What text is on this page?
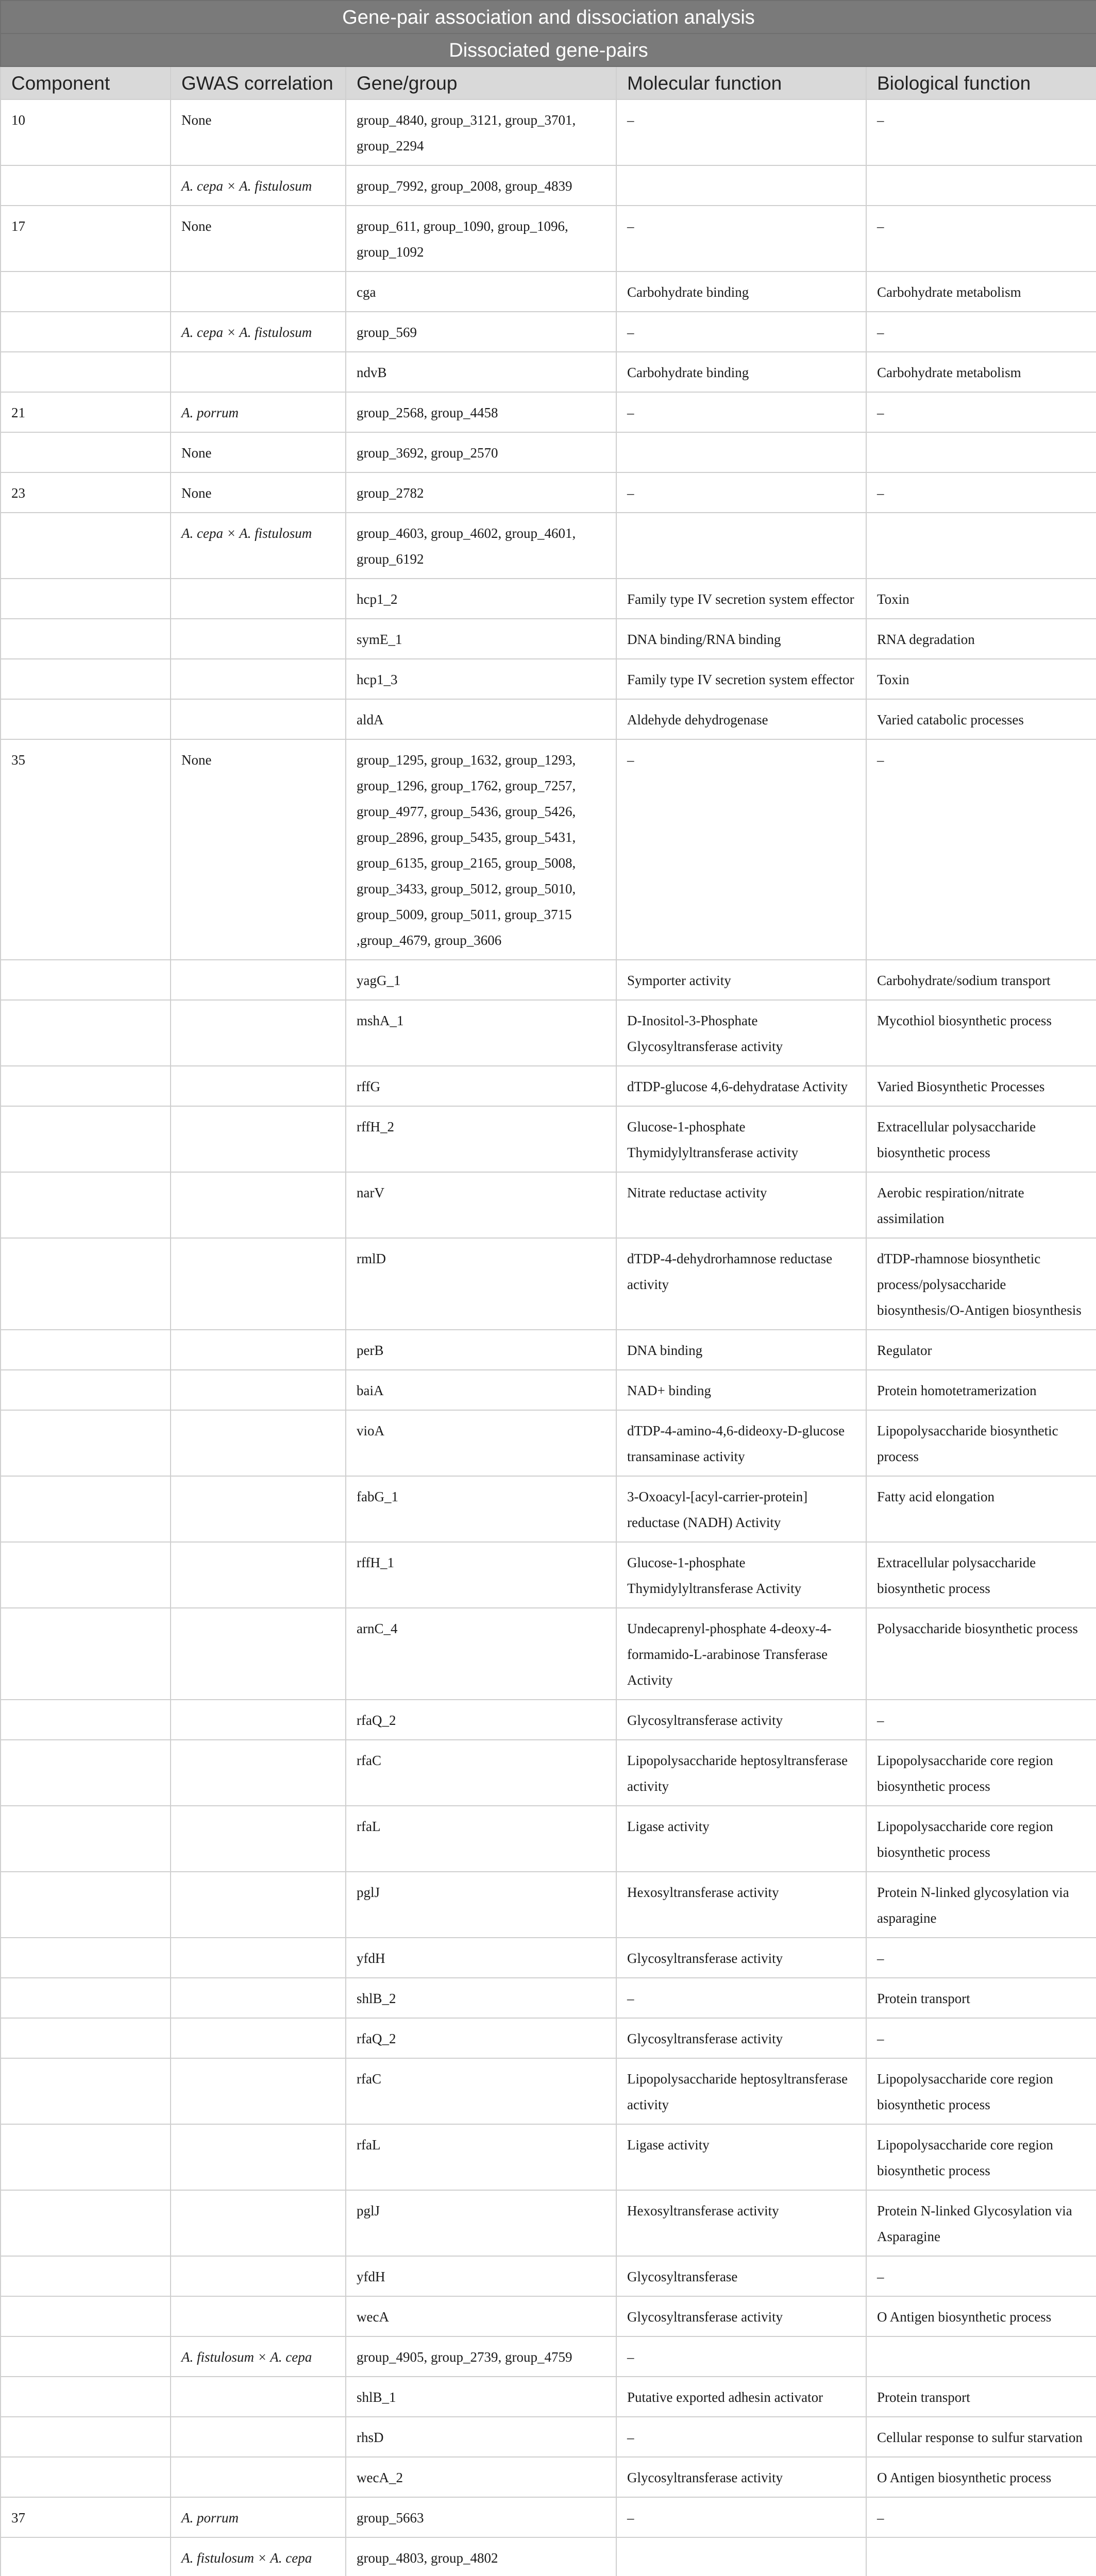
Gene-pair association and dissociation analysis				
Dissociated gene-pairs				
Component	GWAS correlation	Gene/group	Molecular function	Biological function
10	None	group_4840, group_3121, group_3701, group_2294	–	–
	A. cepa × A. fistulosum	group_7992, group_2008, group_4839		
17	None	group_611, group_1090, group_1096, group_1092	–	–
		cga	Carbohydrate binding	Carbohydrate metabolism
	A. cepa × A. fistulosum	group_569	–	–
		ndvB	Carbohydrate binding	Carbohydrate metabolism
21	A. porrum	group_2568, group_4458	–	–
	None	group_3692, group_2570		
23	None	group_2782	–	–
	A. cepa × A. fistulosum	group_4603, group_4602, group_4601, group_6192		
		hcp1_2	Family type IV secretion system effector	Toxin
		symE_1	DNA binding/RNA binding	RNA degradation
		hcp1_3	Family type IV secretion system effector	Toxin
		aldA	Aldehyde dehydrogenase	Varied catabolic processes
35	None	group_1295, group_1632, group_1293, group_1296, group_1762, group_7257, group_4977, group_5436, group_5426, group_2896, group_5435, group_5431, group_6135, group_2165, group_5008, group_3433, group_5012, group_5010, group_5009, group_5011, group_3715 ,group_4679, group_3606	–	–
		yagG_1	Symporter activity	Carbohydrate/sodium transport
		mshA_1	D-Inositol-3-Phosphate Glycosyltransferase activity	Mycothiol biosynthetic process
		rffG	dTDP-glucose 4,6-dehydratase Activity	Varied Biosynthetic Processes
		rffH_2	Glucose-1-phosphate Thymidylyltransferase activity	Extracellular polysaccharide biosynthetic process
		narV	Nitrate reductase activity	Aerobic respiration/nitrate assimilation
		rmlD	dTDP-4-dehydrorhamnose reductase activity	dTDP-rhamnose biosynthetic process/polysaccharide biosynthesis/O-Antigen biosynthesis
		perB	DNA binding	Regulator
		baiA	NAD+ binding	Protein homotetramerization
		vioA	dTDP-4-amino-4,6-dideoxy-D-glucose transaminase activity	Lipopolysaccharide biosynthetic process
		fabG_1	3-Oxoacyl-[acyl-carrier-protein] reductase (NADH) Activity	Fatty acid elongation
		rffH_1	Glucose-1-phosphate Thymidylyltransferase Activity	Extracellular polysaccharide biosynthetic process
		arnC_4	Undecaprenyl-phosphate 4-deoxy-4-formamido-L-arabinose Transferase Activity	Polysaccharide biosynthetic process
		rfaQ_2	Glycosyltransferase activity	–
		rfaC	Lipopolysaccharide heptosyltransferase activity	Lipopolysaccharide core region biosynthetic process
		rfaL	Ligase activity	Lipopolysaccharide core region biosynthetic process
		pglJ	Hexosyltransferase activity	Protein N-linked glycosylation via asparagine
		yfdH	Glycosyltransferase activity	–
		shlB_2	–	Protein transport
		rfaQ_2	Glycosyltransferase activity	–
		rfaC	Lipopolysaccharide heptosyltransferase activity	Lipopolysaccharide core region biosynthetic process
		rfaL	Ligase activity	Lipopolysaccharide core region biosynthetic process
		pglJ	Hexosyltransferase activity	Protein N-linked Glycosylation via Asparagine
		yfdH	Glycosyltransferase	–
		wecA	Glycosyltransferase activity	O Antigen biosynthetic process
	A. fistulosum × A. cepa	group_4905, group_2739, group_4759	–	
		shlB_1	Putative exported adhesin activator	Protein transport
		rhsD	–	Cellular response to sulfur starvation
		wecA_2	Glycosyltransferase activity	O Antigen biosynthetic process
37	A. porrum	group_5663	–	–
	A. fistulosum × A. cepa	group_4803, group_4802		
